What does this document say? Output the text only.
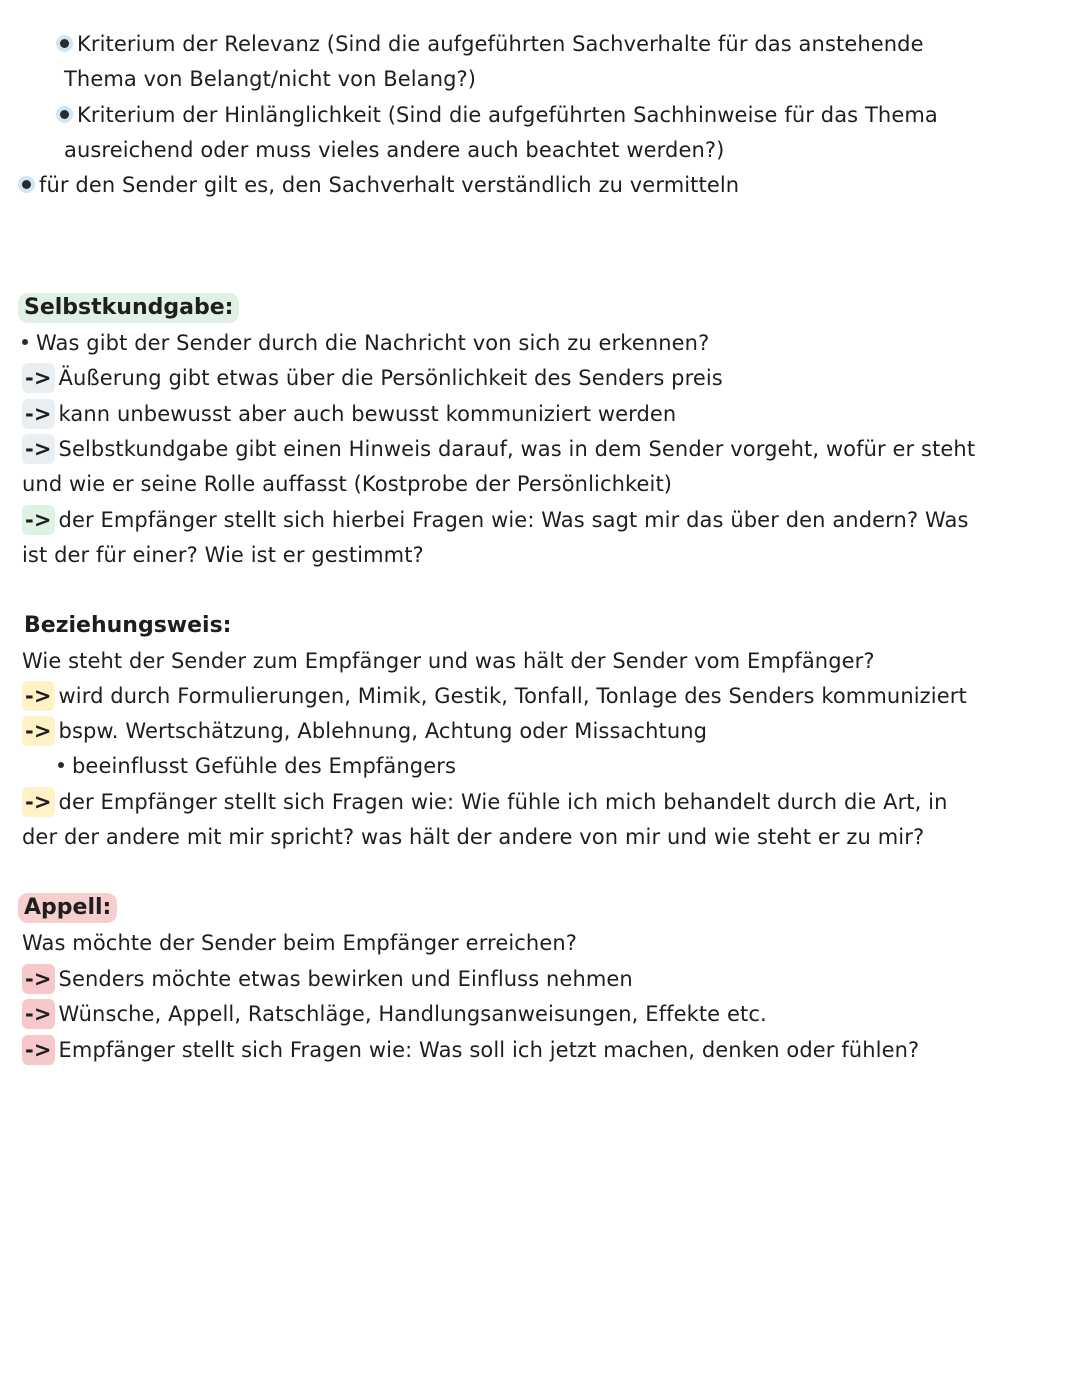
Kriterium der Relevanz (Sind die aufgeführten Sachverhalte für das anstehende
Thema von Belangt/nicht von Belang?)
Kriterium der Hinlänglichkeit (Sind die aufgeführten Sachhinweise für das Thema
ausreichend oder muss vieles andere auch beachtet werden?)
für den Sender gilt es, den Sachverhalt verständlich zu vermitteln
Selbstkundgabe:
Was gibt der Sender durch die Nachricht von sich zu erkennen?
-> Äußerung gibt etwas über die Persönlichkeit des Senders preis
-> kann unbewusst aber auch bewusst kommuniziert werden
-> Selbstkundgabe gibt einen Hinweis darauf, was in dem Sender vorgeht, wofür er steht
und wie er seine Rolle auffasst (Kostprobe der Persönlichkeit)
-> der Empfänger stellt sich hierbei Fragen wie: Was sagt mir das über den andern? Was
ist der für einer? Wie ist er gestimmt?
Beziehungsweis:
Wie steht der Sender zum Empfänger und was hält der Sender vom Empfänger?
-> wird durch Formulierungen, Mimik, Gestik, Tonfall, Tonlage des Senders kommuniziert
-> bspw. Wertschätzung, Ablehnung, Achtung oder Missachtung
beeinflusst Gefühle des Empfängers
-> der Empfänger stellt sich Fragen wie: Wie fühle ich mich behandelt durch die Art, in
der der andere mit mir spricht? was hält der andere von mir und wie steht er zu mir?
Appell:
Was möchte der Sender beim Empfänger erreichen?
-> Senders möchte etwas bewirken und Einfluss nehmen
-> Wünsche, Appell, Ratschläge, Handlungsanweisungen, Effekte etc.
-> Empfänger stellt sich Fragen wie: Was soll ich jetzt machen, denken oder fühlen?
